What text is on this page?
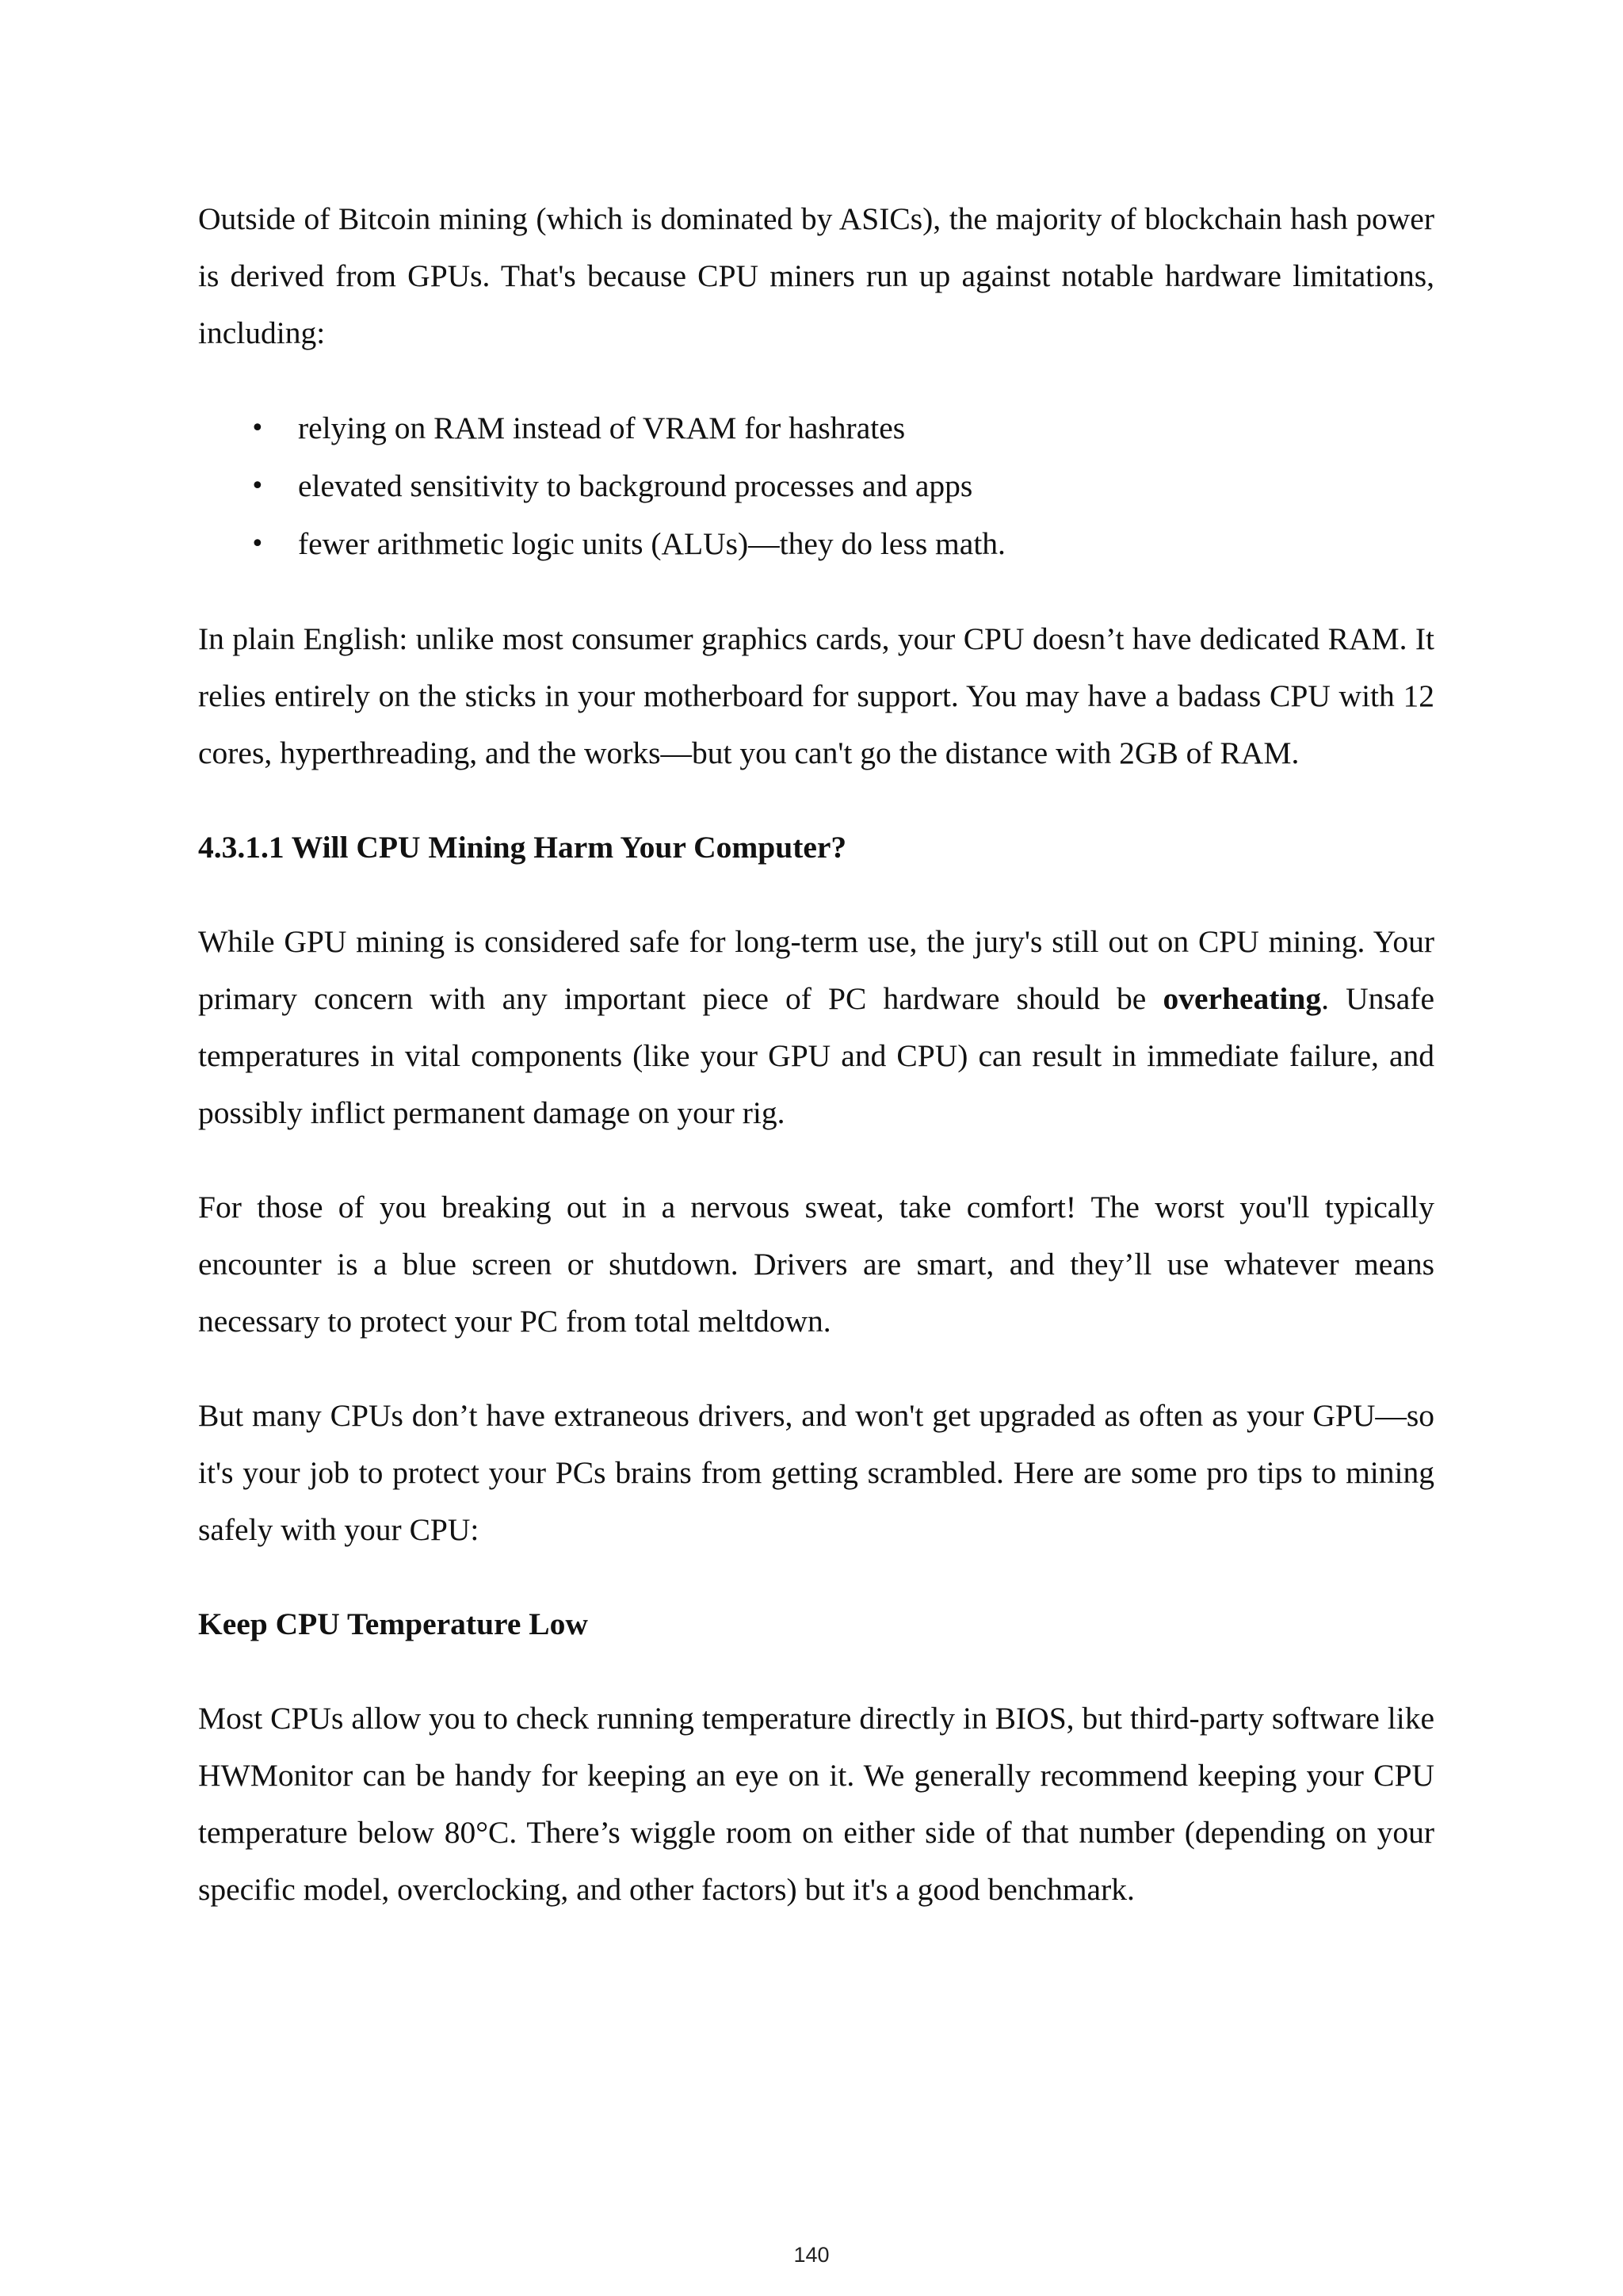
Outside of Bitcoin mining (which is dominated by ASICs), the majority of blockchain hash power is derived from GPUs. That's because CPU miners run up against notable hardware limitations, including:

• relying on RAM instead of VRAM for hashrates
• elevated sensitivity to background processes and apps
• fewer arithmetic logic units (ALUs)—they do less math.

In plain English: unlike most consumer graphics cards, your CPU doesn’t have dedicated RAM. It relies entirely on the sticks in your motherboard for support. You may have a badass CPU with 12 cores, hyperthreading, and the works—but you can't go the distance with 2GB of RAM.

4.3.1.1 Will CPU Mining Harm Your Computer?

While GPU mining is considered safe for long-term use, the jury's still out on CPU mining. Your primary concern with any important piece of PC hardware should be overheating. Unsafe temperatures in vital components (like your GPU and CPU) can result in immediate failure, and possibly inflict permanent damage on your rig.

For those of you breaking out in a nervous sweat, take comfort! The worst you'll typically encounter is a blue screen or shutdown. Drivers are smart, and they’ll use whatever means necessary to protect your PC from total meltdown.

But many CPUs don’t have extraneous drivers, and won't get upgraded as often as your GPU—so it's your job to protect your PCs brains from getting scrambled. Here are some pro tips to mining safely with your CPU:

Keep CPU Temperature Low

Most CPUs allow you to check running temperature directly in BIOS, but third-party software like HWMonitor can be handy for keeping an eye on it. We generally recommend keeping your CPU temperature below 80°C. There’s wiggle room on either side of that number (depending on your specific model, overclocking, and other factors) but it's a good benchmark.

140
